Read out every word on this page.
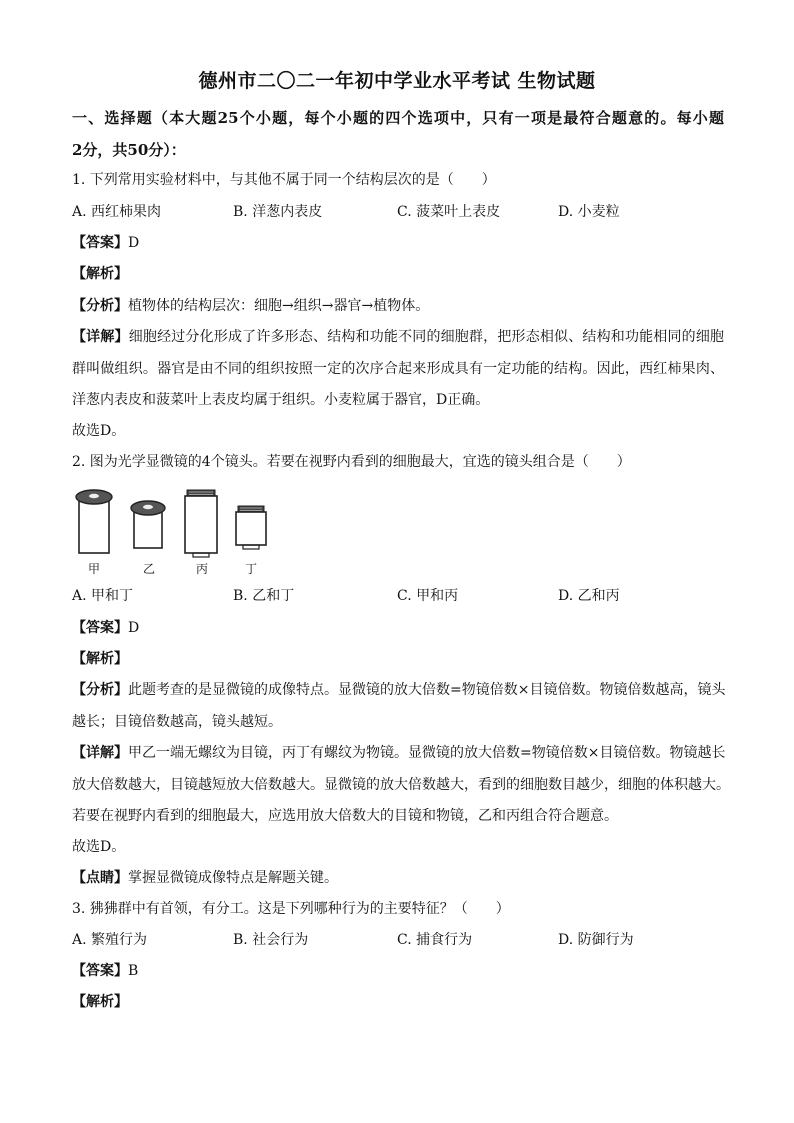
德州市二〇二一年初中学业水平考试 生物试题
一、选择题（本大题25个小题，每个小题的四个选项中，只有一项是最符合题意的。每小题
2分，共50分）：
1. 下列常用实验材料中，与其他不属于同一个结构层次的是（　　）
A. 西红柿果肉	B. 洋葱内表皮	C. 菠菜叶上表皮	D. 小麦粒
【答案】D
【解析】
【分析】植物体的结构层次：细胞→组织→器官→植物体。
【详解】细胞经过分化形成了许多形态、结构和功能不同的细胞群，把形态相似、结构和功能相同的细胞
群叫做组织。器官是由不同的组织按照一定的次序合起来形成具有一定功能的结构。因此，西红柿果肉、
洋葱内表皮和菠菜叶上表皮均属于组织。小麦粒属于器官，D正确。
故选D。
2. 图为光学显微镜的4个镜头。若要在视野内看到的细胞最大，宜选的镜头组合是（　　）
甲	乙	丙	丁
A. 甲和丁	B. 乙和丁	C. 甲和丙	D. 乙和丙
【答案】D
【解析】
【分析】此题考查的是显微镜的成像特点。显微镜的放大倍数=物镜倍数×目镜倍数。物镜倍数越高，镜头
越长；目镜倍数越高，镜头越短。
【详解】甲乙一端无螺纹为目镜，丙丁有螺纹为物镜。显微镜的放大倍数=物镜倍数×目镜倍数。物镜越长
放大倍数越大，目镜越短放大倍数越大。显微镜的放大倍数越大，看到的细胞数目越少，细胞的体积越大。
若要在视野内看到的细胞最大，应选用放大倍数大的目镜和物镜，乙和丙组合符合题意。
故选D。
【点睛】掌握显微镜成像特点是解题关键。
3. 狒狒群中有首领，有分工。这是下列哪种行为的主要特征？（　　）
A. 繁殖行为	B. 社会行为	C. 捕食行为	D. 防御行为
【答案】B
【解析】
